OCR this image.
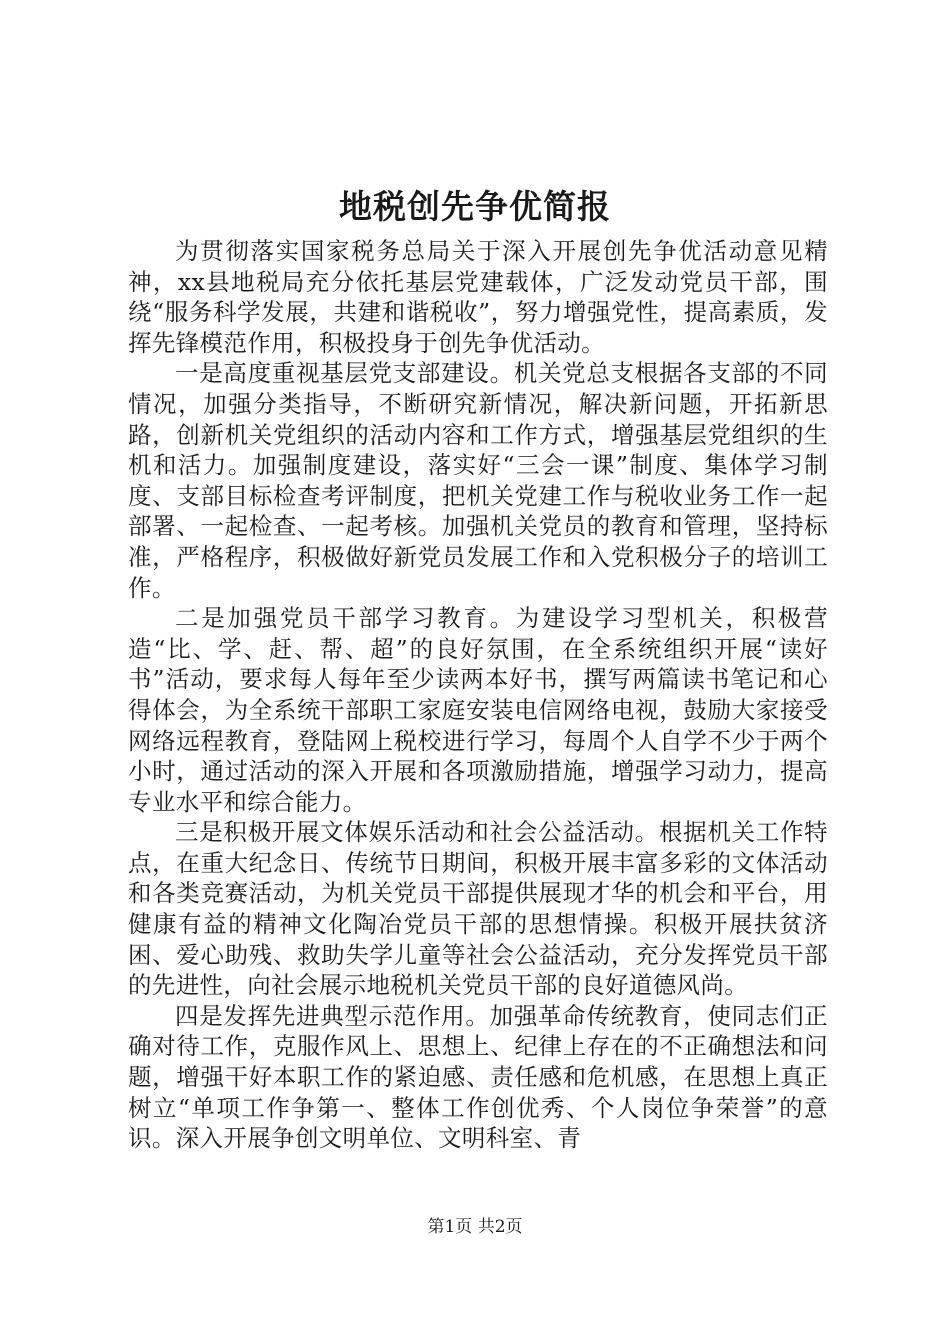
地税创先争优简报

为贯彻落实国家税务总局关于深入开展创先争优活动意见精神，xx县地税局充分依托基层党建载体，广泛发动党员干部，围绕“服务科学发展，共建和谐税收”，努力增强党性，提高素质，发挥先锋模范作用，积极投身于创先争优活动。

一是高度重视基层党支部建设。机关党总支根据各支部的不同情况，加强分类指导，不断研究新情况，解决新问题，开拓新思路，创新机关党组织的活动内容和工作方式，增强基层党组织的生机和活力。加强制度建设，落实好“三会一课”制度、集体学习制度、支部目标检查考评制度，把机关党建工作与税收业务工作一起部署、一起检查、一起考核。加强机关党员的教育和管理，坚持标准，严格程序，积极做好新党员发展工作和入党积极分子的培训工作。

二是加强党员干部学习教育。为建设学习型机关，积极营造“比、学、赶、帮、超”的良好氛围，在全系统组织开展“读好书”活动，要求每人每年至少读两本好书，撰写两篇读书笔记和心得体会，为全系统干部职工家庭安装电信网络电视，鼓励大家接受网络远程教育，登陆网上税校进行学习，每周个人自学不少于两个小时，通过活动的深入开展和各项激励措施，增强学习动力，提高专业水平和综合能力。

三是积极开展文体娱乐活动和社会公益活动。根据机关工作特点，在重大纪念日、传统节日期间，积极开展丰富多彩的文体活动和各类竞赛活动，为机关党员干部提供展现才华的机会和平台，用健康有益的精神文化陶冶党员干部的思想情操。积极开展扶贫济困、爱心助残、救助失学儿童等社会公益活动，充分发挥党员干部的先进性，向社会展示地税机关党员干部的良好道德风尚。

四是发挥先进典型示范作用。加强革命传统教育，使同志们正确对待工作，克服作风上、思想上、纪律上存在的不正确想法和问题，增强干好本职工作的紧迫感、责任感和危机感，在思想上真正树立“单项工作争第一、整体工作创优秀、个人岗位争荣誉”的意识。深入开展争创文明单位、文明科室、青

第1页 共2页
